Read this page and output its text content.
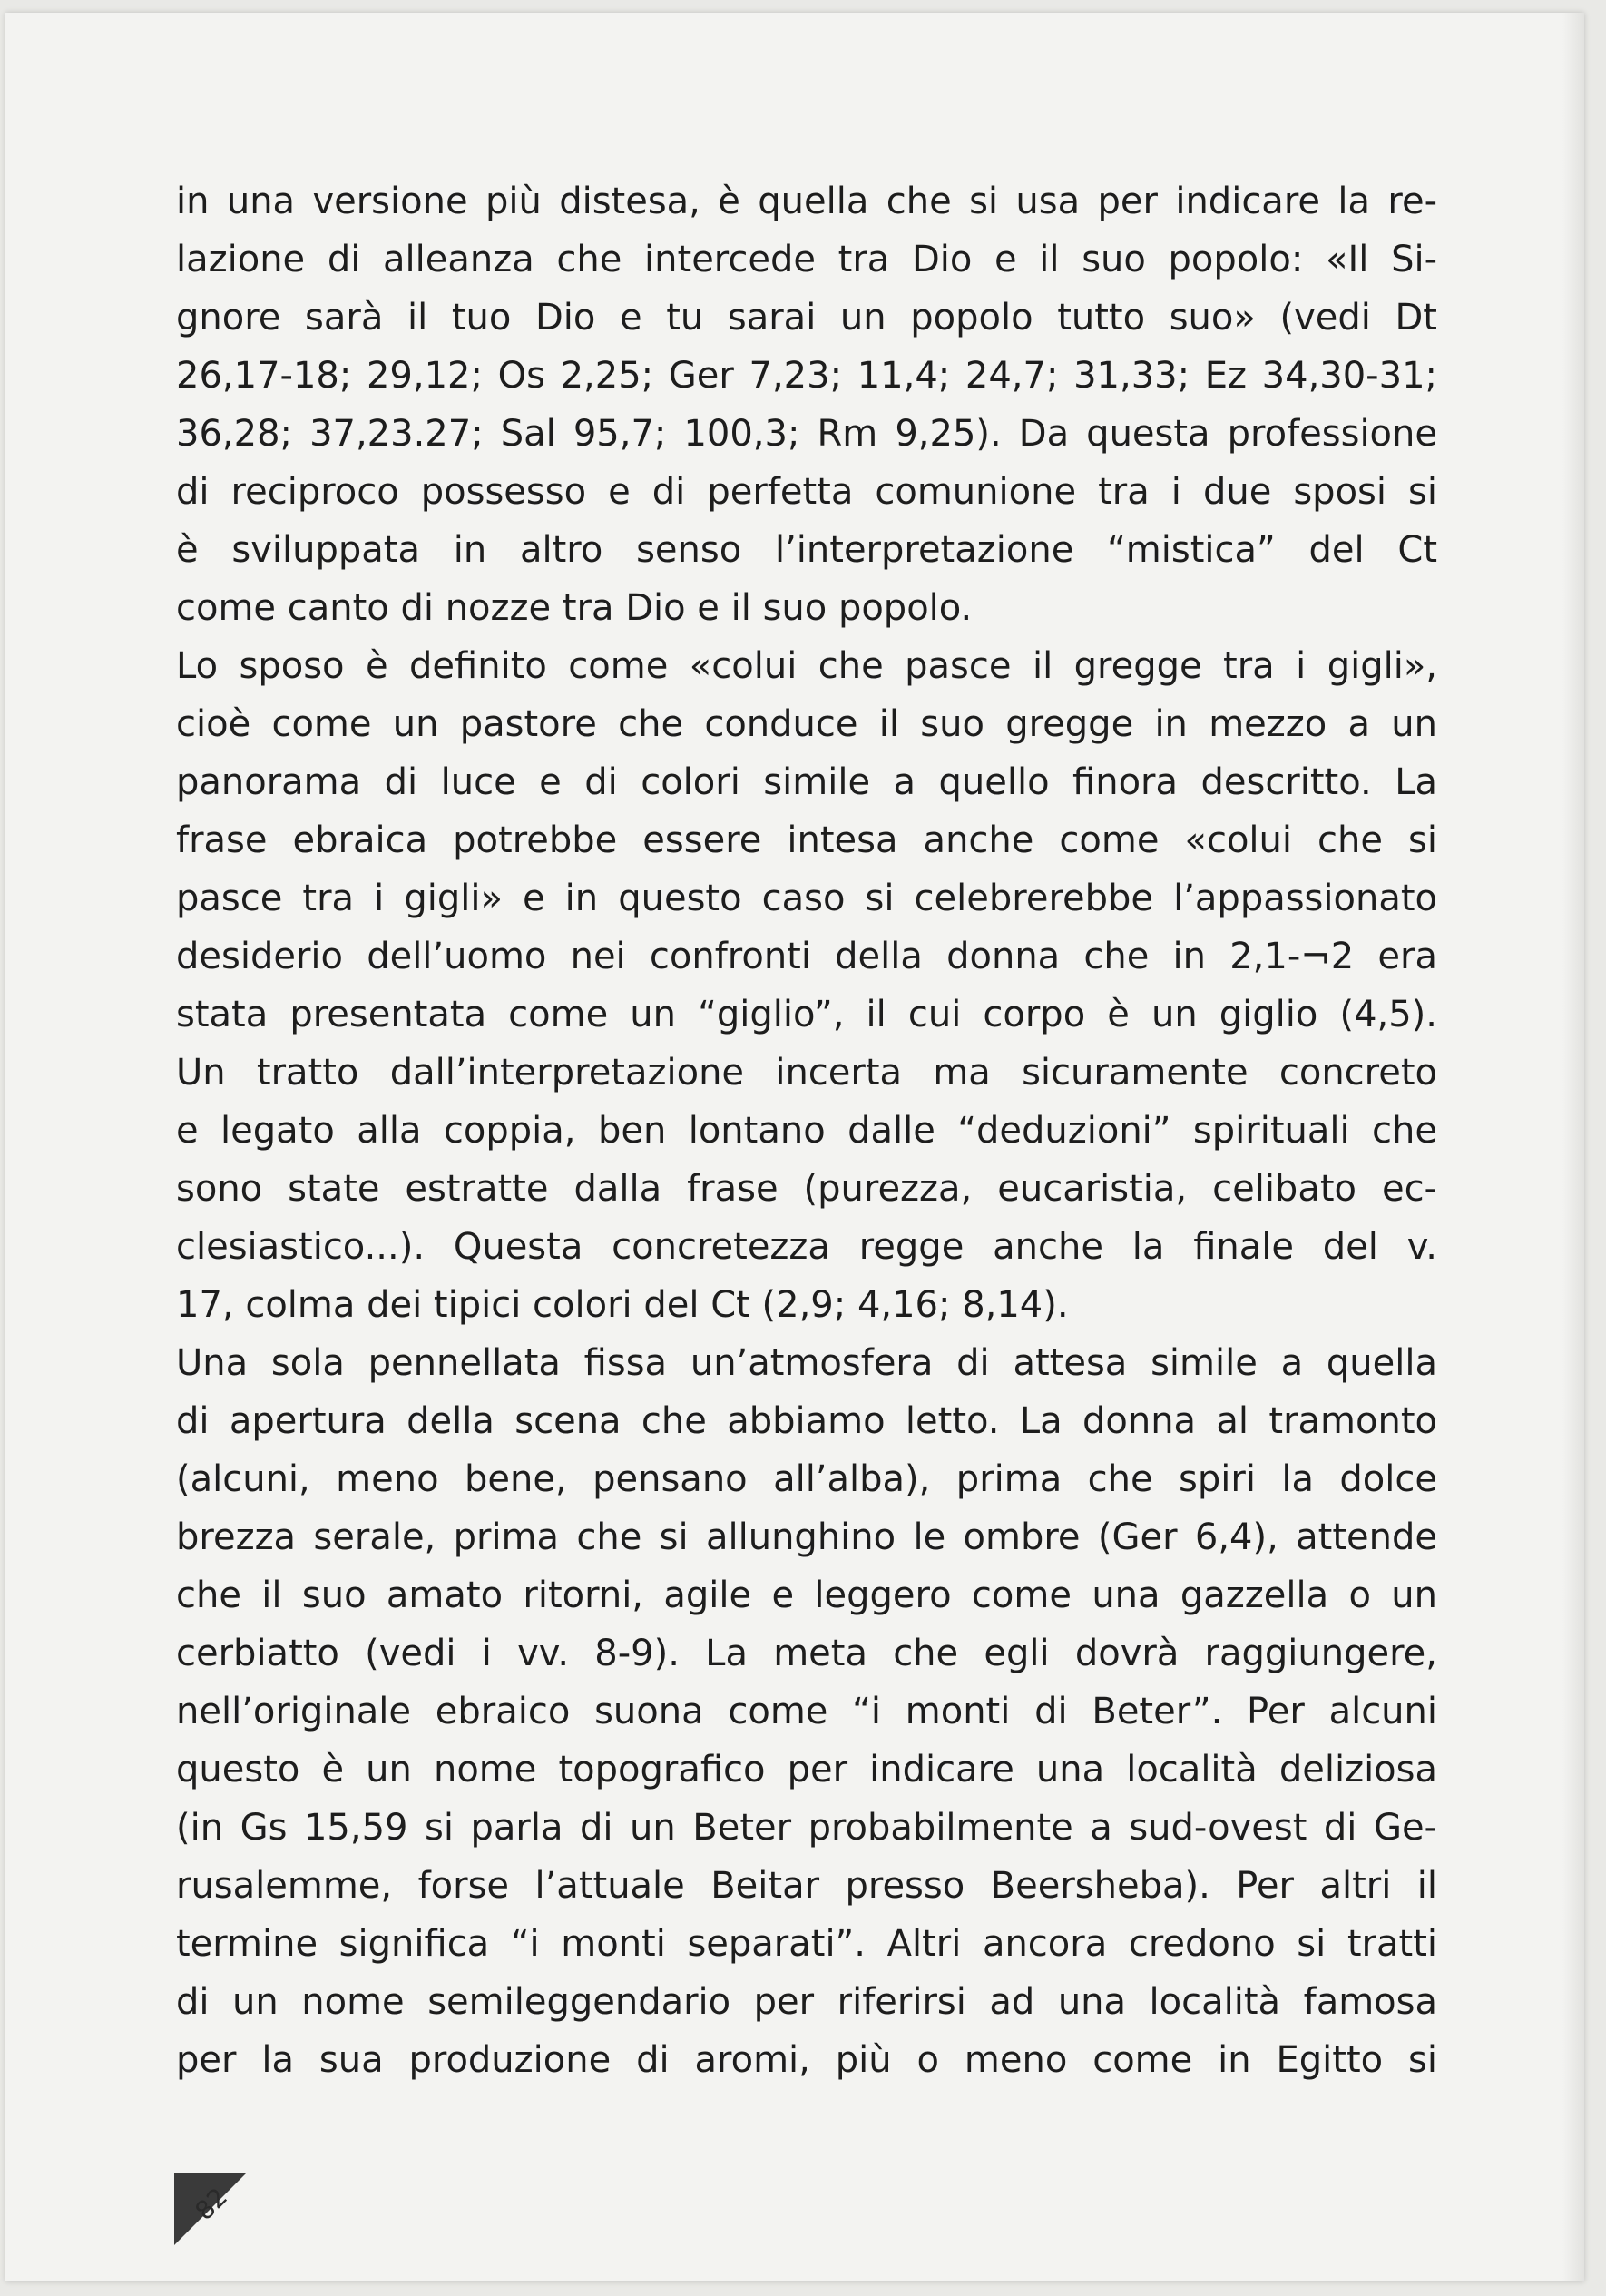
in una versione più distesa, è quella che si usa per indicare la re-
lazione di alleanza che intercede tra Dio e il suo popolo: «Il Si-
gnore sarà il tuo Dio e tu sarai un popolo tutto suo» (vedi Dt
26,17-18; 29,12; Os 2,25; Ger 7,23; 11,4; 24,7; 31,33; Ez 34,30-31;
36,28; 37,23.27; Sal 95,7; 100,3; Rm 9,25). Da questa professione
di reciproco possesso e di perfetta comunione tra i due sposi si
è sviluppata in altro senso l’interpretazione “mistica” del Ct
come canto di nozze tra Dio e il suo popolo.
Lo sposo è definito come «colui che pasce il gregge tra i gigli»,
cioè come un pastore che conduce il suo gregge in mezzo a un
panorama di luce e di colori simile a quello finora descritto. La
frase ebraica potrebbe essere intesa anche come «colui che si
pasce tra i gigli» e in questo caso si celebrerebbe l’appassionato
desiderio dell’uomo nei confronti della donna che in 2,1-¬2 era
stata presentata come un “giglio”, il cui corpo è un giglio (4,5).
Un tratto dall’interpretazione incerta ma sicuramente concreto
e legato alla coppia, ben lontano dalle “deduzioni” spirituali che
sono state estratte dalla frase (purezza, eucaristia, celibato ec-
clesiastico...). Questa concretezza regge anche la finale del v.
17, colma dei tipici colori del Ct (2,9; 4,16; 8,14).
Una sola pennellata fissa un’atmosfera di attesa simile a quella
di apertura della scena che abbiamo letto. La donna al tramonto
(alcuni, meno bene, pensano all’alba), prima che spiri la dolce
brezza serale, prima che si allunghino le ombre (Ger 6,4), attende
che il suo amato ritorni, agile e leggero come una gazzella o un
cerbiatto (vedi i vv. 8-9). La meta che egli dovrà raggiungere,
nell’originale ebraico suona come “i monti di Beter”. Per alcuni
questo è un nome topografico per indicare una località deliziosa
(in Gs 15,59 si parla di un Beter probabilmente a sud-ovest di Ge-
rusalemme, forse l’attuale Beitar presso Beersheba). Per altri il
termine significa “i monti separati”. Altri ancora credono si tratti
di un nome semileggendario per riferirsi ad una località famosa
per la sua produzione di aromi, più o meno come in Egitto si
82
